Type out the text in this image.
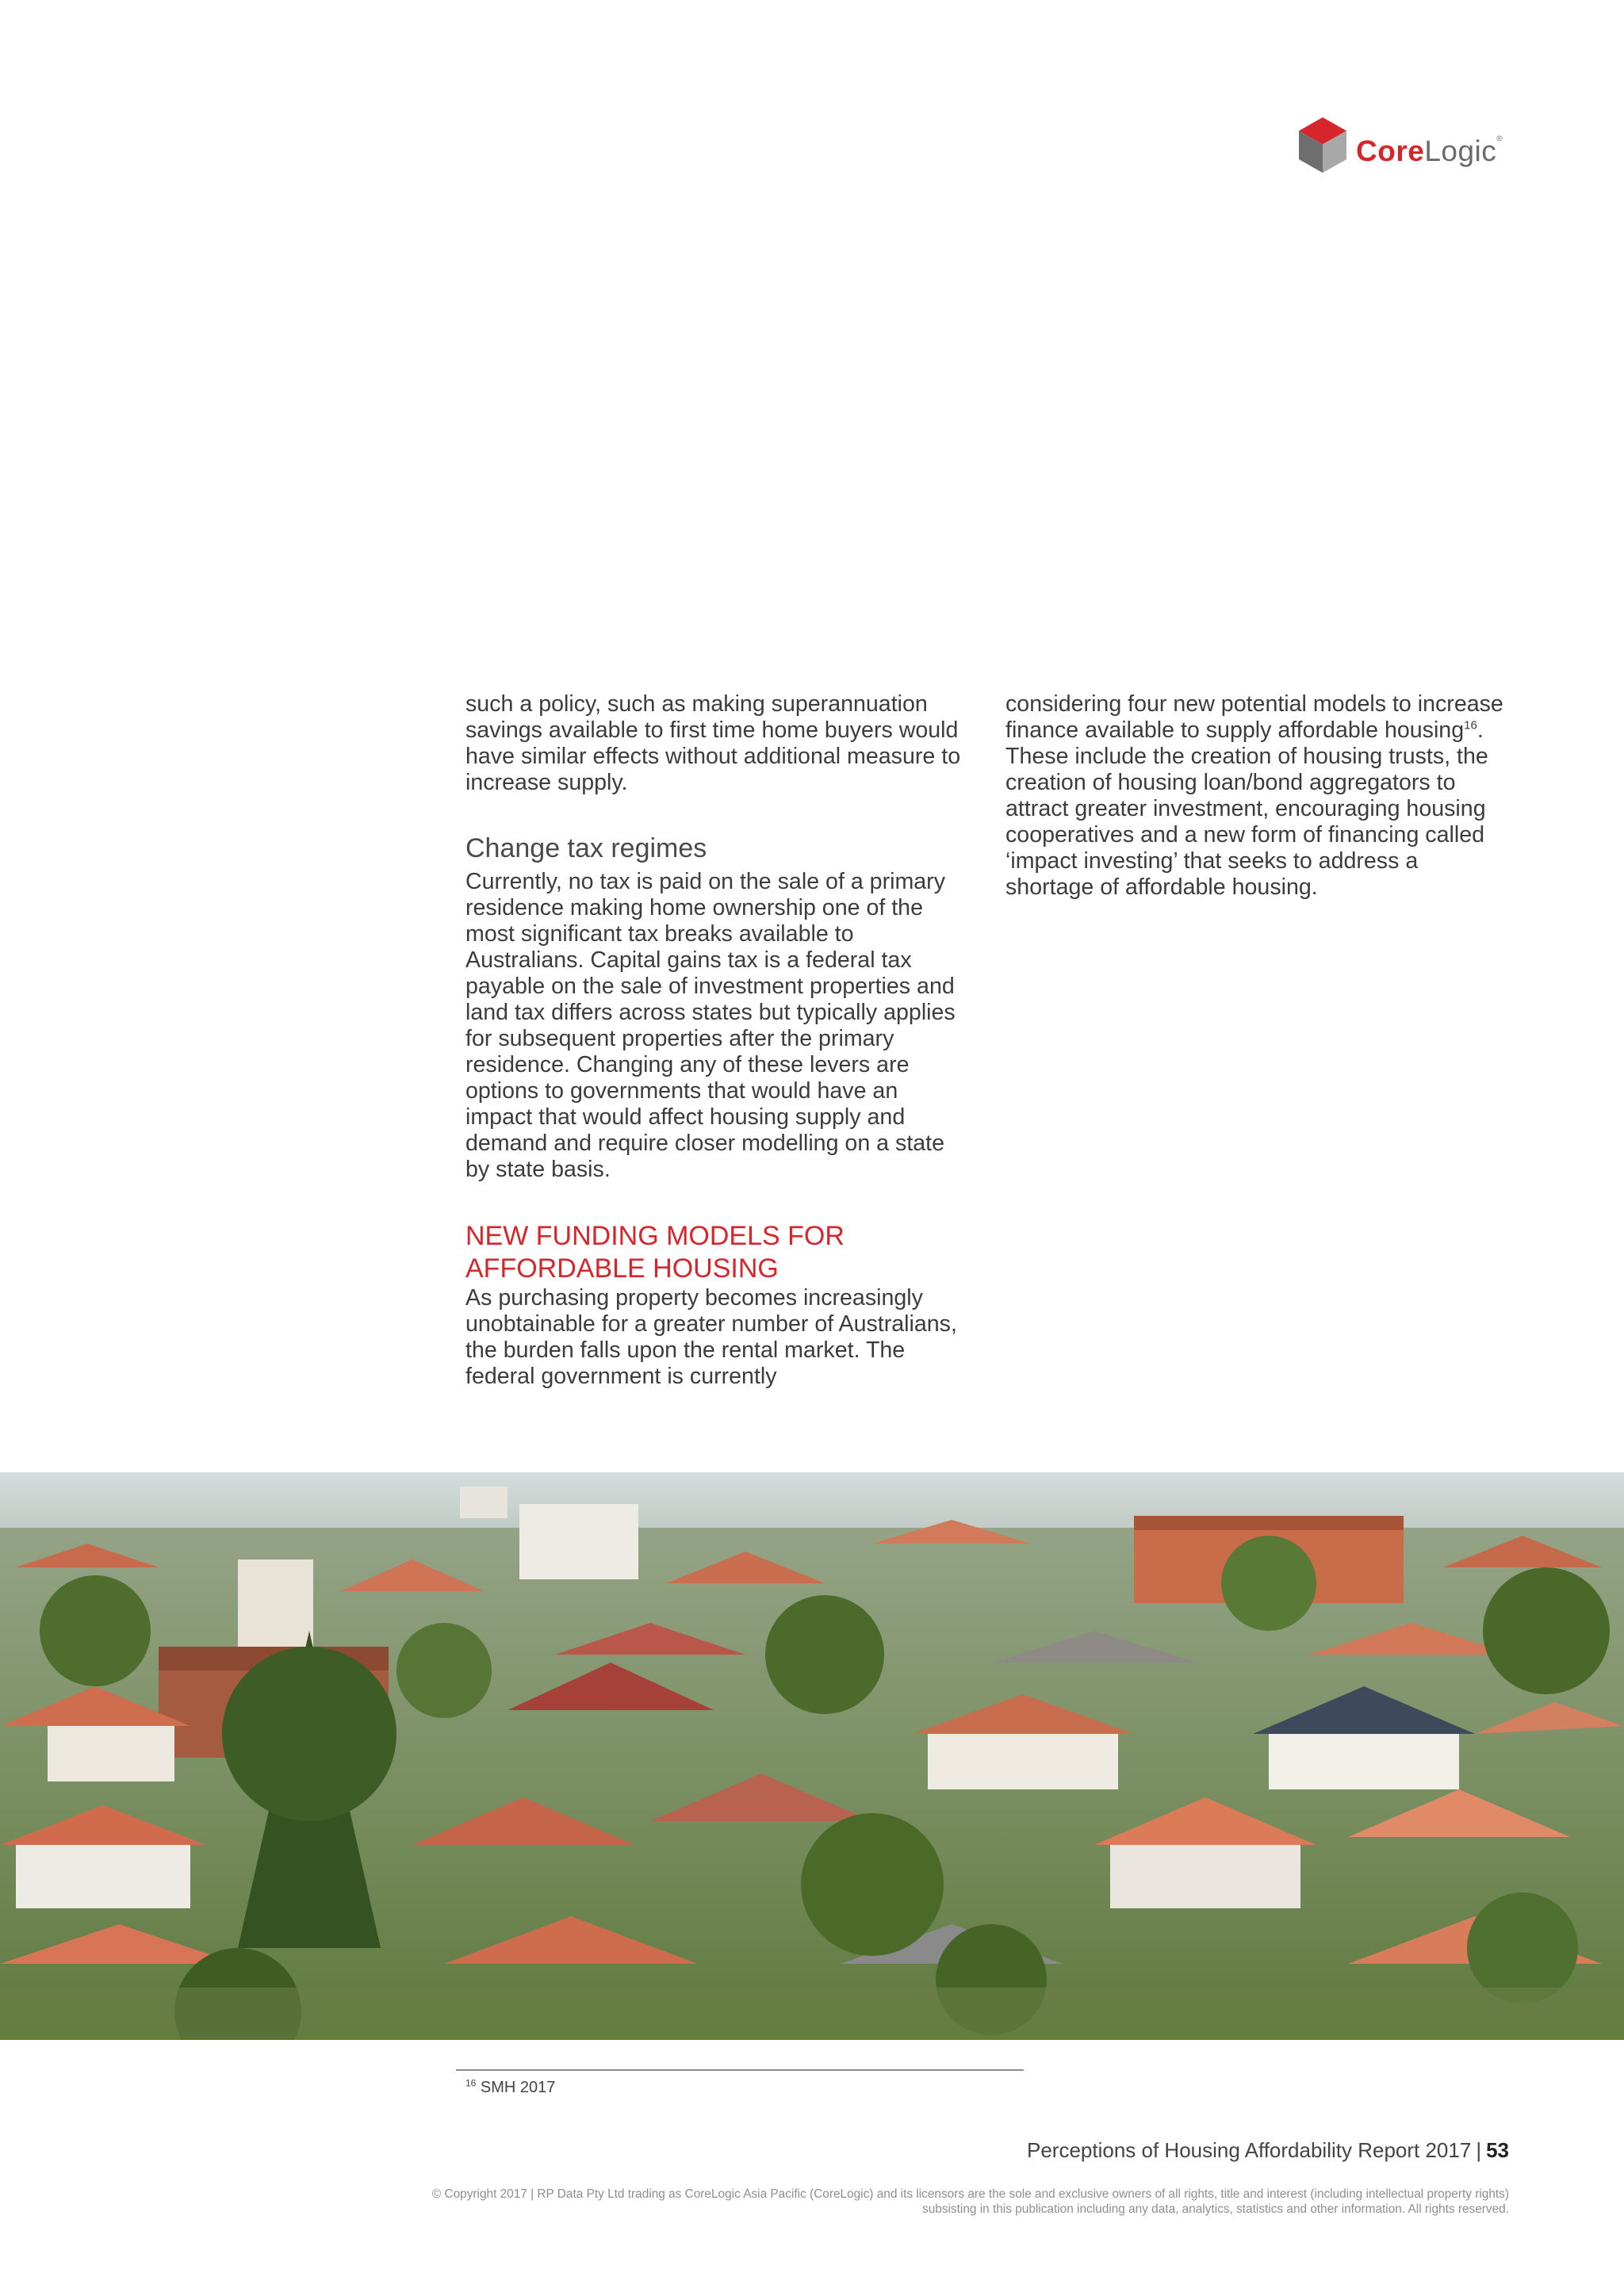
CoreLogic®

such a policy, such as making superannuation savings available to first time home buyers would have similar effects without additional measure to increase supply.

Change tax regimes

Currently, no tax is paid on the sale of a primary residence making home ownership one of the most significant tax breaks available to Australians. Capital gains tax is a federal tax payable on the sale of investment properties and land tax differs across states but typically applies for subsequent properties after the primary residence. Changing any of these levers are options to governments that would have an impact that would affect housing supply and demand and require closer modelling on a state by state basis.

NEW FUNDING MODELS FOR AFFORDABLE HOUSING

As purchasing property becomes increasingly unobtainable for a greater number of Australians, the burden falls upon the rental market. The federal government is currently

considering four new potential models to increase finance available to supply affordable housing$^{16}$. These include the creation of housing trusts, the creation of housing loan/bond aggregators to attract greater investment, encouraging housing cooperatives and a new form of financing called ‘impact investing’ that seeks to address a shortage of affordable housing.

$^{16}$ SMH 2017
Perceptions of Housing Affordability Report 2017 | 53
© Copyright 2017 | RP Data Pty Ltd trading as CoreLogic Asia Pacific (CoreLogic) and its licensors are the sole and exclusive owners of all rights, title and interest (including intellectual property rights) subsisting in this publication including any data, analytics, statistics and other information. All rights reserved.
